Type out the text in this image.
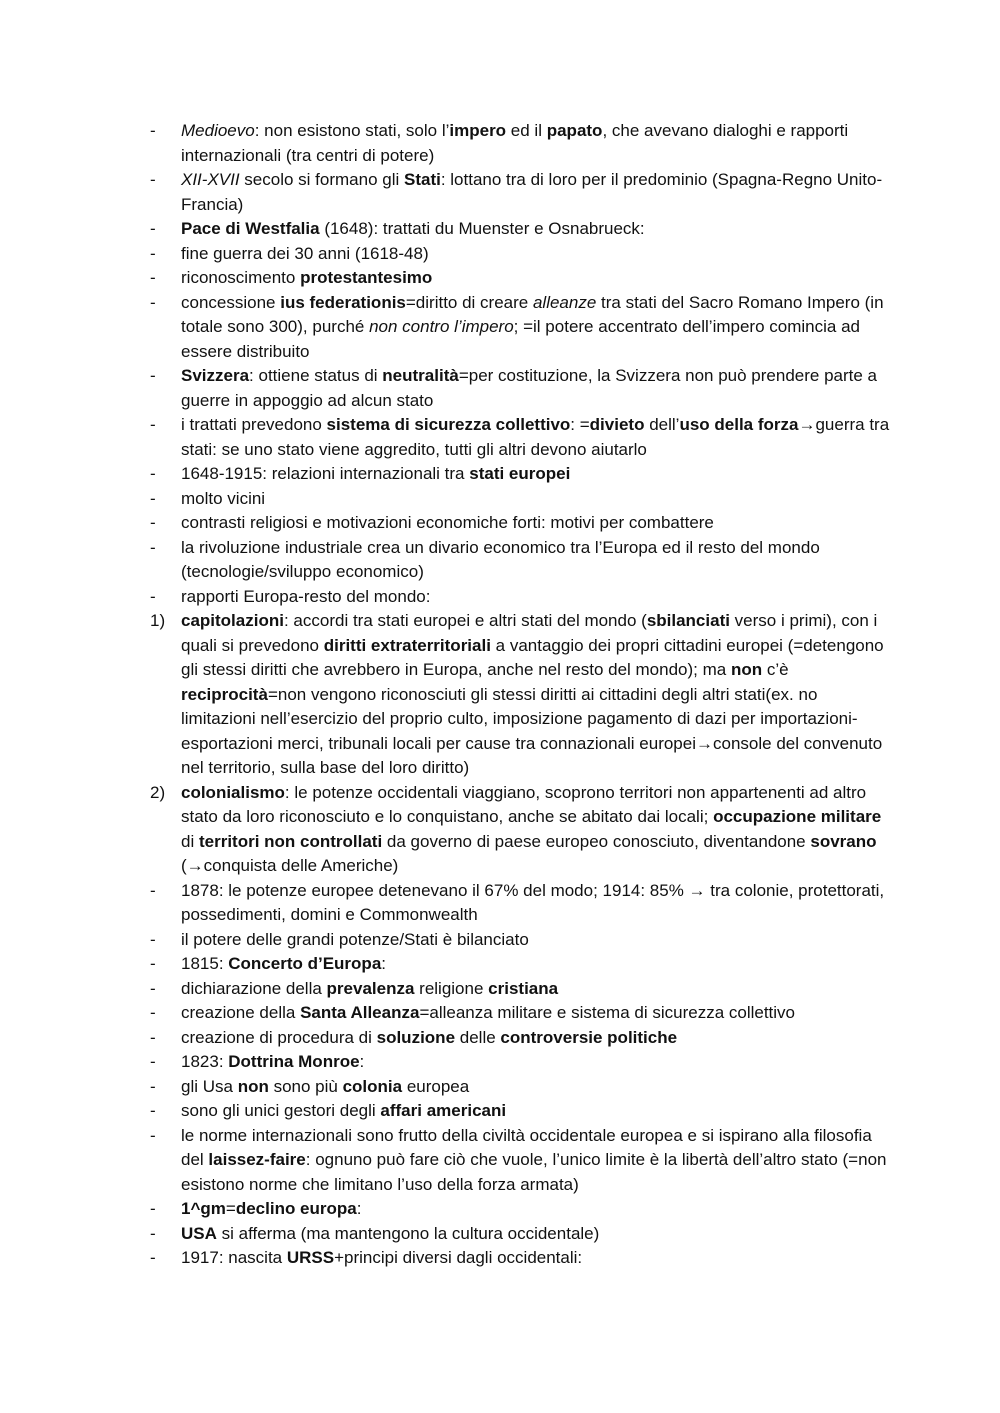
-	Medioevo: non esistono stati, solo l’impero ed il papato, che avevano dialoghi e rapporti internazionali (tra centri di potere)
-	XII-XVII secolo si formano gli Stati: lottano tra di loro per il predominio (Spagna-Regno Unito-Francia)
-	Pace di Westfalia (1648): trattati du Muenster e Osnabrueck:
-	fine guerra dei 30 anni (1618-48)
-	riconoscimento protestantesimo
-	concessione ius federationis=diritto di creare alleanze tra stati del Sacro Romano Impero (in totale sono 300), purché non contro l’impero; =il potere accentrato dell’impero comincia ad essere distribuito
-	Svizzera: ottiene status di neutralità=per costituzione, la Svizzera non può prendere parte a guerre in appoggio ad alcun stato
-	i trattati prevedono sistema di sicurezza collettivo: =divieto dell’uso della forza→guerra tra stati: se uno stato viene aggredito, tutti gli altri devono aiutarlo
-	1648-1915: relazioni internazionali tra stati europei
-	molto vicini
-	contrasti religiosi e motivazioni economiche forti: motivi per combattere
-	la rivoluzione industriale crea un divario economico tra l’Europa ed il resto del mondo (tecnologie/sviluppo economico)
-	rapporti Europa-resto del mondo:
1) capitolazioni: accordi tra stati europei e altri stati del mondo (sbilanciati verso i primi), con i quali si prevedono diritti extraterritoriali a vantaggio dei propri cittadini europei (=detengono gli stessi diritti che avrebbero in Europa, anche nel resto del mondo); ma non c’è reciprocità=non vengono riconosciuti gli stessi diritti ai cittadini degli altri stati(ex. no limitazioni nell’esercizio del proprio culto, imposizione pagamento di dazi per importazioni-esportazioni merci, tribunali locali per cause tra connazionali europei→console del convenuto nel territorio, sulla base del loro diritto)
2) colonialismo: le potenze occidentali viaggiano, scoprono territori non appartenenti ad altro stato da loro riconosciuto e lo conquistano, anche se abitato dai locali; occupazione militare di territori non controllati da governo di paese europeo conosciuto, diventandone sovrano (→conquista delle Americhe)
-	1878: le potenze europee detenevano il 67% del modo; 1914: 85% → tra colonie, protettorati, possedimenti, domini e Commonwealth
-	il potere delle grandi potenze/Stati è bilanciato
-	1815: Concerto d’Europa:
-	dichiarazione della prevalenza religione cristiana
-	creazione della Santa Alleanza=alleanza militare e sistema di sicurezza collettivo
-	creazione di procedura di soluzione delle controversie politiche
-	1823: Dottrina Monroe:
-	gli Usa non sono più colonia europea
-	sono gli unici gestori degli affari americani
-	le norme internazionali sono frutto della civiltà occidentale europea e si ispirano alla filosofia del laissez-faire: ognuno può fare ciò che vuole, l’unico limite è la libertà dell’altro stato (=non esistono norme che limitano l’uso della forza armata)
-	1^gm=declino europa:
-	USA si afferma (ma mantengono la cultura occidentale)
-	1917: nascita URSS+principi diversi dagli occidentali:
